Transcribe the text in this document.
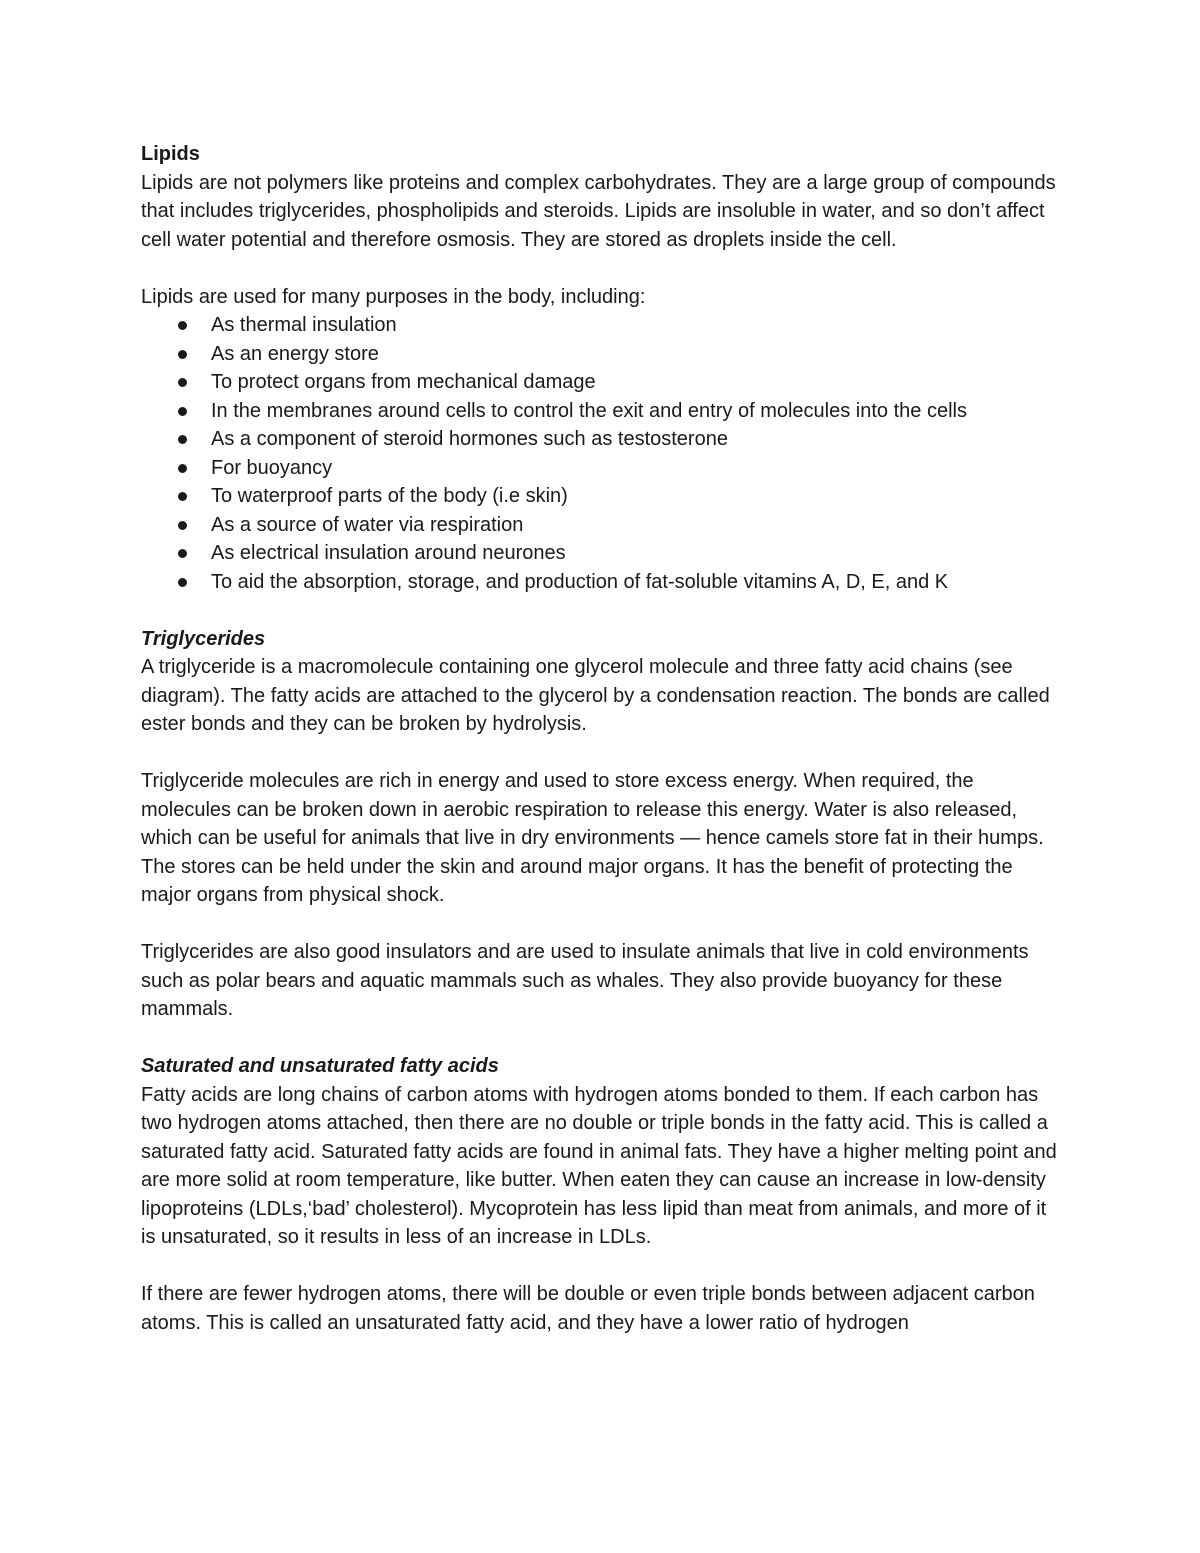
Lipids

Lipids are not polymers like proteins and complex carbohydrates. They are a large group of compounds that includes triglycerides, phospholipids and steroids. Lipids are insoluble in water, and so don’t affect cell water potential and therefore osmosis. They are stored as droplets inside the cell.

Lipids are used for many purposes in the body, including:

As thermal insulation
As an energy store
To protect organs from mechanical damage
In the membranes around cells to control the exit and entry of molecules into the cells
As a component of steroid hormones such as testosterone
For buoyancy
To waterproof parts of the body (i.e skin)
As a source of water via respiration
As electrical insulation around neurones
To aid the absorption, storage, and production of fat-soluble vitamins A, D, E, and K

Triglycerides

A triglyceride is a macromolecule containing one glycerol molecule and three fatty acid chains (see diagram). The fatty acids are attached to the glycerol by a condensation reaction. The bonds are called ester bonds and they can be broken by hydrolysis.

Triglyceride molecules are rich in energy and used to store excess energy. When required, the molecules can be broken down in aerobic respiration to release this energy. Water is also released, which can be useful for animals that live in dry environments — hence camels store fat in their humps. The stores can be held under the skin and around major organs. It has the benefit of protecting the major organs from physical shock.

Triglycerides are also good insulators and are used to insulate animals that live in cold environments such as polar bears and aquatic mammals such as whales. They also provide buoyancy for these mammals.

Saturated and unsaturated fatty acids

Fatty acids are long chains of carbon atoms with hydrogen atoms bonded to them. If each carbon has two hydrogen atoms attached, then there are no double or triple bonds in the fatty acid. This is called a saturated fatty acid. Saturated fatty acids are found in animal fats. They have a higher melting point and are more solid at room temperature, like butter. When eaten they can cause an increase in low-density lipoproteins (LDLs,‘bad’ cholesterol). Mycoprotein has less lipid than meat from animals, and more of it is unsaturated, so it results in less of an increase in LDLs.

If there are fewer hydrogen atoms, there will be double or even triple bonds between adjacent carbon atoms. This is called an unsaturated fatty acid, and they have a lower ratio of hydrogen
